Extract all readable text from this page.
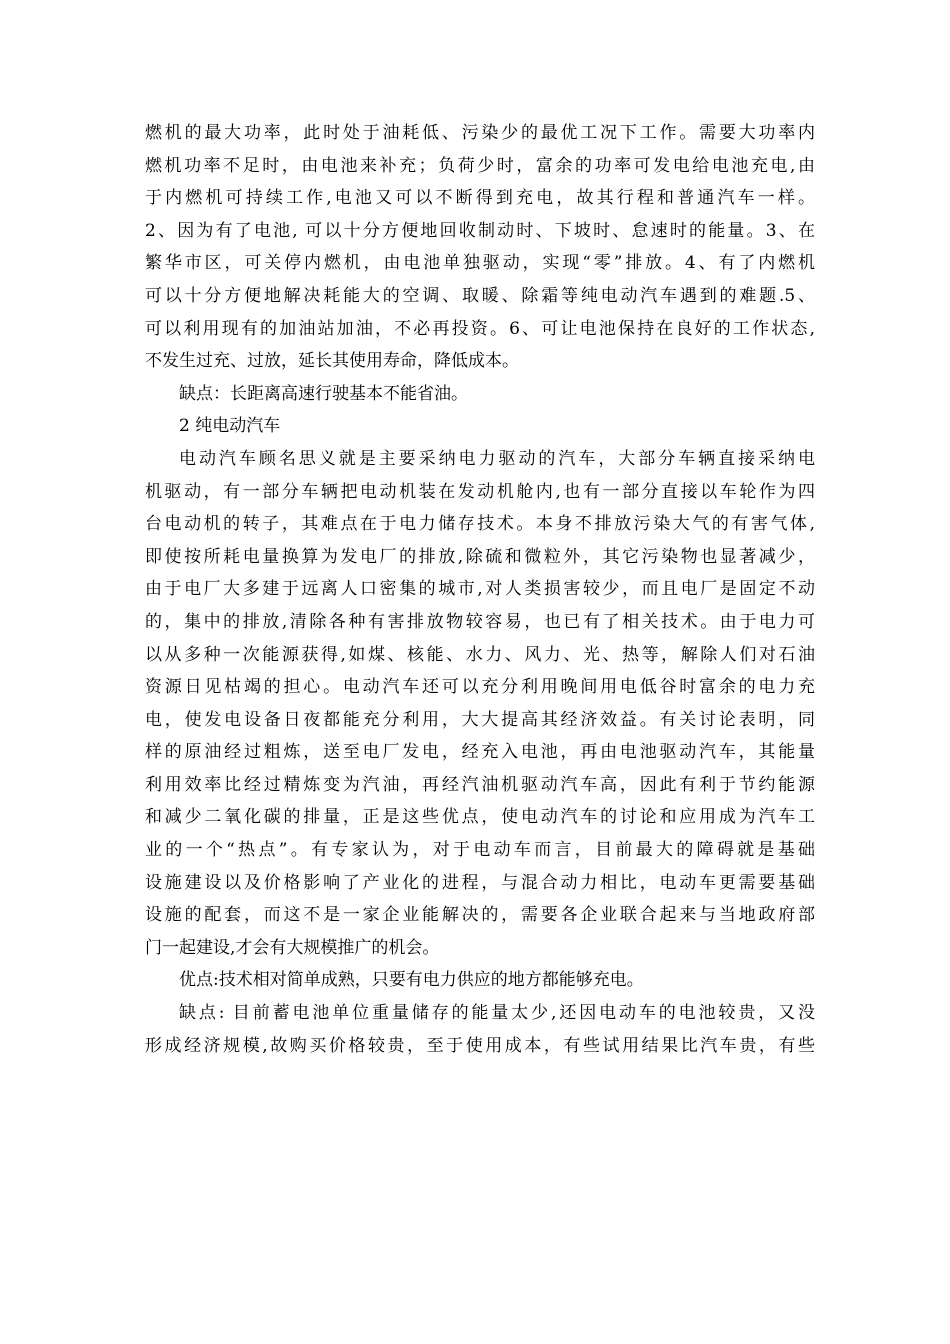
燃机的最大功率，此时处于油耗低、污染少的最优工况下工作。需要大功率内
燃机功率不足时，由电池来补充；负荷少时，富余的功率可发电给电池充电,由
于内燃机可持续工作,电池又可以不断得到充电，故其行程和普通汽车一样。
2、因为有了电池, 可以十分方便地回收制动时、下坡时、怠速时的能量。3、在
繁华市区，可关停内燃机，由电池单独驱动，实现“零”排放。4、有了内燃机
可以十分方便地解决耗能大的空调、取暖、除霜等纯电动汽车遇到的难题.5、
可以利用现有的加油站加油，不必再投资。6、可让电池保持在良好的工作状态,
不发生过充、过放，延长其使用寿命，降低成本。
缺点：长距离高速行驶基本不能省油。
2 纯电动汽车
电动汽车顾名思义就是主要采纳电力驱动的汽车，大部分车辆直接采纳电
机驱动，有一部分车辆把电动机装在发动机舱内,也有一部分直接以车轮作为四
台电动机的转子，其难点在于电力储存技术。本身不排放污染大气的有害气体,
即使按所耗电量换算为发电厂的排放,除硫和微粒外，其它污染物也显著减少，
由于电厂大多建于远离人口密集的城市,对人类损害较少，而且电厂是固定不动
的，集中的排放,清除各种有害排放物较容易，也已有了相关技术。由于电力可
以从多种一次能源获得,如煤、核能、水力、风力、光、热等，解除人们对石油
资源日见枯竭的担心。电动汽车还可以充分利用晚间用电低谷时富余的电力充
电，使发电设备日夜都能充分利用，大大提高其经济效益。有关讨论表明，同
样的原油经过粗炼，送至电厂发电，经充入电池，再由电池驱动汽车，其能量
利用效率比经过精炼变为汽油，再经汽油机驱动汽车高，因此有利于节约能源
和减少二氧化碳的排量，正是这些优点，使电动汽车的讨论和应用成为汽车工
业的一个“热点”。有专家认为，对于电动车而言，目前最大的障碍就是基础
设施建设以及价格影响了产业化的进程，与混合动力相比，电动车更需要基础
设施的配套，而这不是一家企业能解决的，需要各企业联合起来与当地政府部
门一起建设,才会有大规模推广的机会。
优点:技术相对简单成熟，只要有电力供应的地方都能够充电。
缺点: 目前蓄电池单位重量储存的能量太少,还因电动车的电池较贵，又没
形成经济规模,故购买价格较贵，至于使用成本，有些试用结果比汽车贵，有些
